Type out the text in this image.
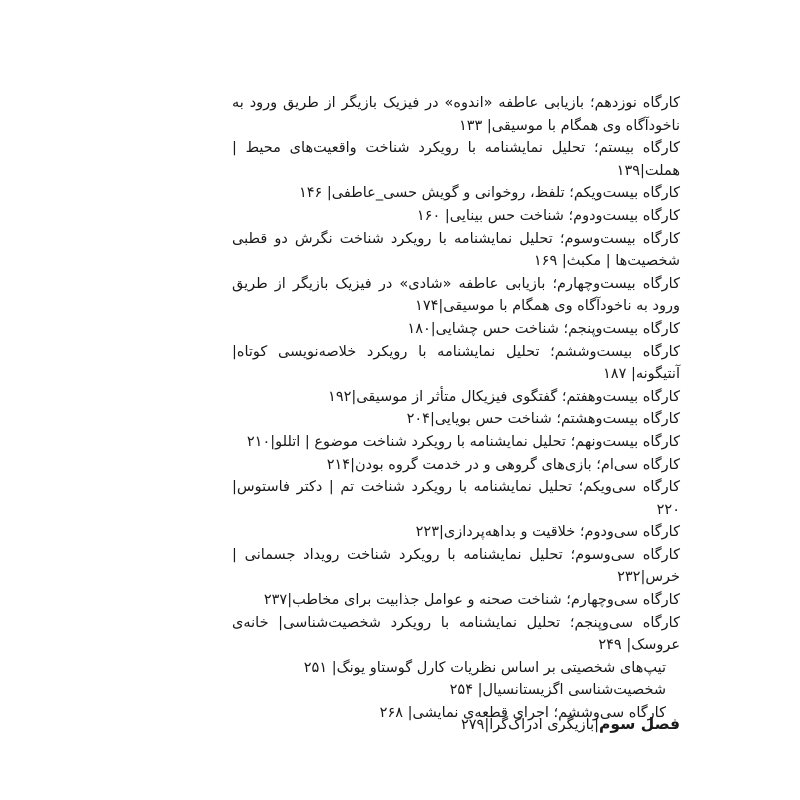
کارگاه نوزدهم؛ بازیابی عاطفه «اندوه» در فیزیک بازیگر از طریق ورود به ناخودآگاه وی همگام با موسیقی| ۱۳۳

کارگاه بیستم؛ تحلیل نمایشنامه با رویکرد شناخت واقعیت‌های محیط | هملت|۱۳۹

کارگاه بیست‌ویکم؛ تلفظ، روخوانی و گویش حسی_عاطفی| ۱۴۶

کارگاه بیست‌ودوم؛ شناخت حس بینایی| ۱۶۰

کارگاه بیست‌وسوم؛ تحلیل نمایشنامه با رویکرد شناخت نگرش دو قطبی شخصیت‌ها | مکبث| ۱۶۹

کارگاه بیست‌وچهارم؛ بازیابی عاطفه «شادی» در فیزیک بازیگر از طریق ورود به ناخودآگاه وی همگام با موسیقی|۱۷۴

کارگاه بیست‌وپنجم؛ شناخت حس چشایی|۱۸۰

کارگاه بیست‌وششم؛ تحلیل نمایشنامه با رویکرد خلاصه‌نویسی کوتاه| آنتیگونه| ۱۸۷

کارگاه بیست‌وهفتم؛ گفتگوی فیزیکال متأثر از موسیقی|۱۹۲

کارگاه بیست‌وهشتم؛ شناخت حس بویایی|۲۰۴

کارگاه بیست‌ونهم؛ تحلیل نمایشنامه با رویکرد شناخت موضوع | اتللو|۲۱۰

کارگاه سی‌ام؛ بازی‌های گروهی و در خدمت گروه بودن|۲۱۴

کارگاه سی‌ویکم؛ تحلیل نمایشنامه با رویکرد شناخت تم | دکتر فاستوس|۲۲۰

کارگاه سی‌ودوم؛ خلاقیت و بداهه‌پردازی|۲۲۳

کارگاه سی‌وسوم؛ تحلیل نمایشنامه با رویکرد شناخت رویداد جسمانی |خرس|۲۳۲

کارگاه سی‌وچهارم؛ شناخت صحنه و عوامل جذابیت برای مخاطب|۲۳۷

کارگاه سی‌وپنجم؛ تحلیل نمایشنامه با رویکرد شخصیت‌شناسی| خانه‌ی عروسک| ۲۴۹

تیپ‌های شخصیتی بر اساس نظریات کارل گوستاو یونگ| ۲۵۱

شخصیت‌شناسی اگزیستانسیال| ۲۵۴

کارگاه سی‌وششم؛ اجرای قطعه‌ی نمایشی| ۲۶۸

فصل سوم|بازیگری ادراک‌گرا|۲۷۹
